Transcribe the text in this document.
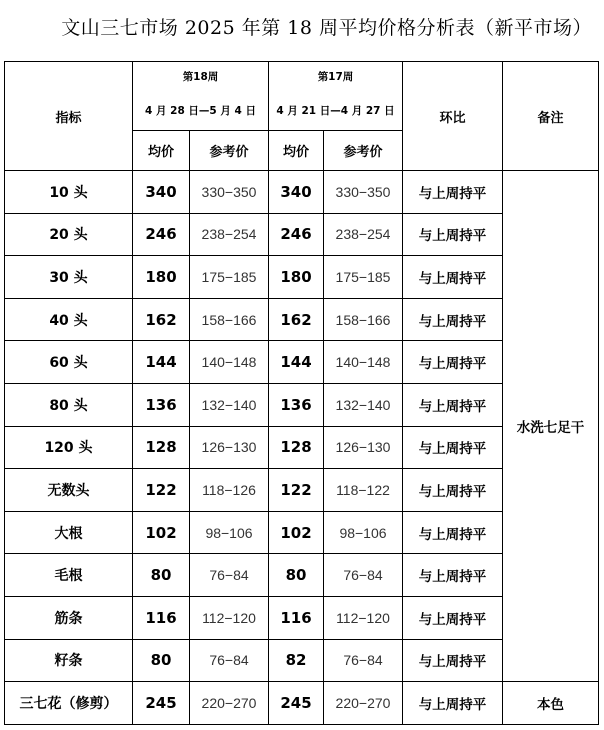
文山三七市场 2025 年第 18 周平均价格分析表（新平市场）
指标	第18周		第17周		环比	备注
	4 月 28 日—5 月 4 日		4 月 21 日—4 月 27 日			
	均价	参考价	均价	参考价		
10 头	340	330−350	340	330−350	与上周持平	水洗七足干
20 头	246	238−254	246	238−254	与上周持平	
30 头	180	175−185	180	175−185	与上周持平	
40 头	162	158−166	162	158−166	与上周持平	
60 头	144	140−148	144	140−148	与上周持平	
80 头	136	132−140	136	132−140	与上周持平	
120 头	128	126−130	128	126−130	与上周持平	
无数头	122	118−126	122	118−122	与上周持平	
大根	102	98−106	102	98−106	与上周持平	
毛根	80	76−84	80	76−84	与上周持平	
筋条	116	112−120	116	112−120	与上周持平	
籽条	80	76−84	82	76−84	与上周持平	
三七花（修剪）	245	220−270	245	220−270	与上周持平	本色
